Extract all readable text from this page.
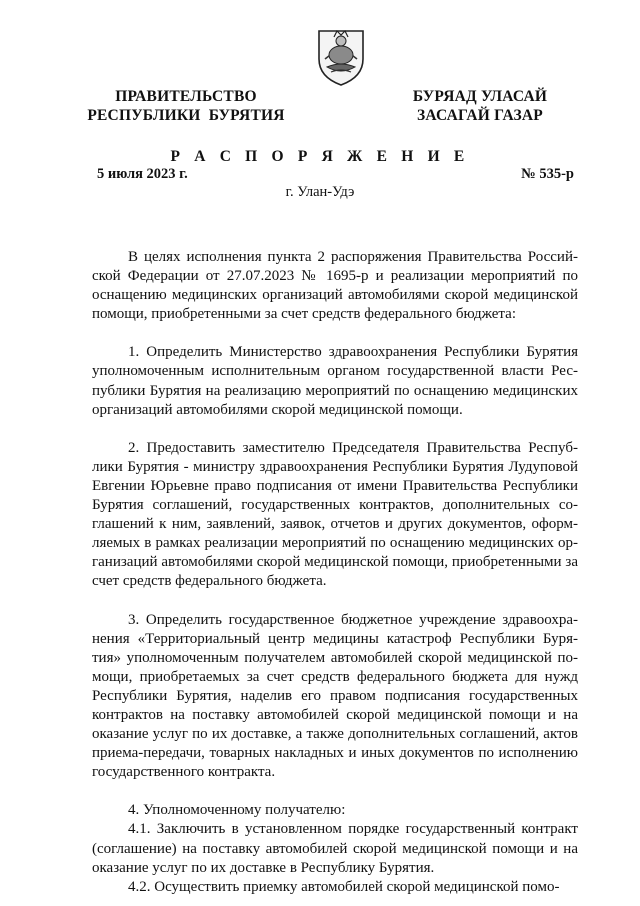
ПРАВИТЕЛЬСТВО
РЕСПУБЛИКИ  БУРЯТИЯ
БУРЯАД УЛАСАЙ
ЗАСАГАЙ ГАЗАР
Р А С П О Р Я Ж Е Н И Е
5 июля 2023 г.	№ 535-р
г. Улан-Удэ

В целях исполнения пункта 2 распоряжения Правительства Россий-ской Федерации от 27.07.2023 № 1695-р и реализации мероприятий по оснащению медицинских организаций автомобилями скорой медицинской помощи, приобретенными за счет средств федерального бюджета:

1. Определить Министерство здравоохранения Республики Бурятия уполномоченным исполнительным органом государственной власти Рес-публики Бурятия на реализацию мероприятий по оснащению медицинских организаций автомобилями скорой медицинской помощи.

2. Предоставить заместителю Председателя Правительства Респуб-лики Бурятия - министру здравоохранения Республики Бурятия Лудуповой Евгении Юрьевне право подписания от имени Правительства Республики Бурятия соглашений, государственных контрактов, дополнительных со-глашений к ним, заявлений, заявок, отчетов и других документов, оформ-ляемых в рамках реализации мероприятий по оснащению медицинских ор-ганизаций автомобилями скорой медицинской помощи, приобретенными за счет средств федерального бюджета.

3. Определить государственное бюджетное учреждение здравоохра-нения «Территориальный центр медицины катастроф Республики Буря-тия» уполномоченным получателем автомобилей скорой медицинской по-мощи, приобретаемых за счет средств федерального бюджета для нужд Республики Бурятия, наделив его правом подписания государственных контрактов на поставку автомобилей скорой медицинской помощи и на оказание услуг по их доставке, а также дополнительных соглашений, актов приема-передачи, товарных накладных и иных документов по исполнению государственного контракта.

4. Уполномоченному получателю:

4.1. Заключить в установленном порядке государственный контракт (соглашение) на поставку автомобилей скорой медицинской помощи и на оказание услуг по их доставке в Республику Бурятия.

4.2. Осуществить приемку автомобилей скорой медицинской помо-
